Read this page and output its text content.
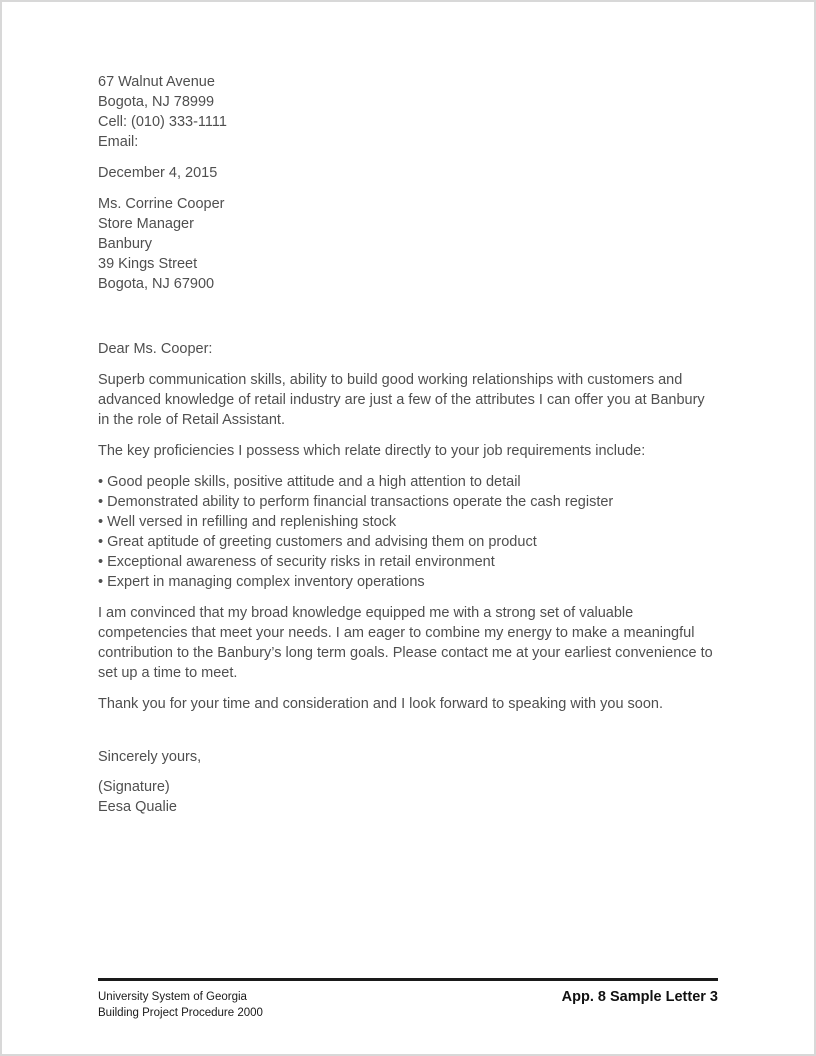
67 Walnut Avenue
Bogota, NJ 78999
Cell: (010) 333-1111
Email:
December 4, 2015
Ms. Corrine Cooper
Store Manager
Banbury
39 Kings Street
Bogota, NJ 67900
Dear Ms. Cooper:

Superb communication skills, ability to build good working relationships with customers and advanced knowledge of retail industry are just a few of the attributes I can offer you at Banbury in the role of Retail Assistant.

The key proficiencies I possess which relate directly to your job requirements include:

• Good people skills, positive attitude and a high attention to detail
• Demonstrated ability to perform financial transactions operate the cash register
• Well versed in refilling and replenishing stock
• Great aptitude of greeting customers and advising them on product
• Exceptional awareness of security risks in retail environment
• Expert in managing complex inventory operations

I am convinced that my broad knowledge equipped me with a strong set of valuable competencies that meet your needs. I am eager to combine my energy to make a meaningful contribution to the Banbury’s long term goals. Please contact me at your earliest convenience to set up a time to meet.

Thank you for your time and consideration and I look forward to speaking with you soon.

Sincerely yours,
(Signature)
Eesa Qualie
University System of Georgia
Building Project Procedure 2000
App. 8 Sample Letter 3
